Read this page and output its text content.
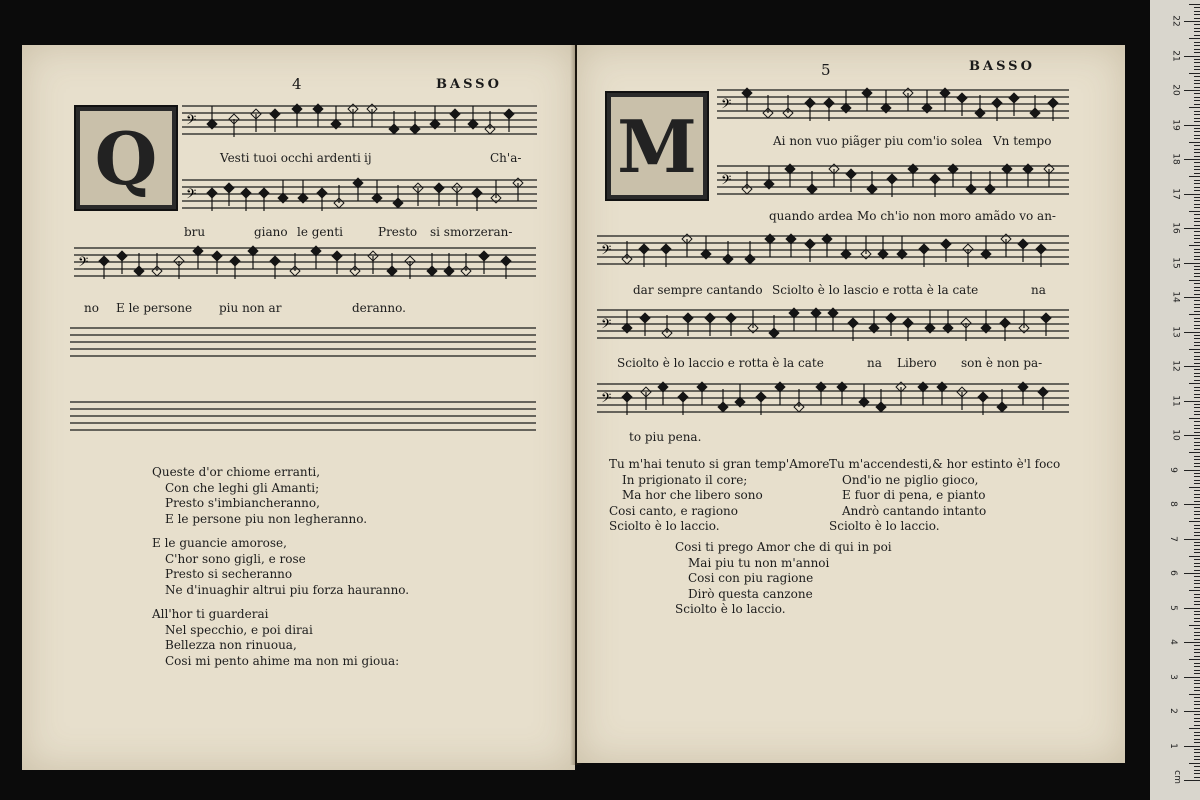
4	BASSO
Q	𝄢
Vesti tuoi occhi ardenti ij	Ch'a-
𝄢
bru	giano le genti	Presto si smorzeran-
𝄢
no E le persone piu non ar	deranno.
Queste d'or chiome erranti,
Con che leghi gli Amanti;
Presto s'imbiancheranno,
E le persone piu non legheranno.
E le guancie amorose,
C'hor sono gigli, e rose
Presto si secheranno
Ne d'inuaghir altrui piu forza hauranno.
All'hor ti guarderai
Nel specchio, e poi dirai
Bellezza non rinuoua,
Cosi mi pento ahime ma non mi gioua:
5	BASSO
M	𝄢
Ai non vuo piãger piu com'io solea Vn tempo
𝄢
quando ardea Mo ch'io non moro amãdo vo an-
𝄢
dar sempre cantando Sciolto è lo lascio e rotta è la cate	na
𝄢
Sciolto è lo laccio e rotta è la cate	na Libero son è non pa-
𝄢
to piu pena.
Tu m'hai tenuto si gran temp'Amore
In prigionato il core;
Ma hor che libero sono
Cosi canto, e ragiono
Sciolto è lo laccio.
Tu m'accendesti,& hor estinto è'l foco
Ond'io ne piglio gioco,
E fuor di pena, e pianto
Andrò cantando intanto
Sciolto è lo laccio.
Cosi ti prego Amor che di qui in poi
Mai piu tu non m'annoi
Cosi con piu ragione
Dirò questa canzone
Sciolto è lo laccio.
1
2
3
4
5
6
7
8
9
10
11
12
13
14
15
16
17
18
19
20
21
22
cm
